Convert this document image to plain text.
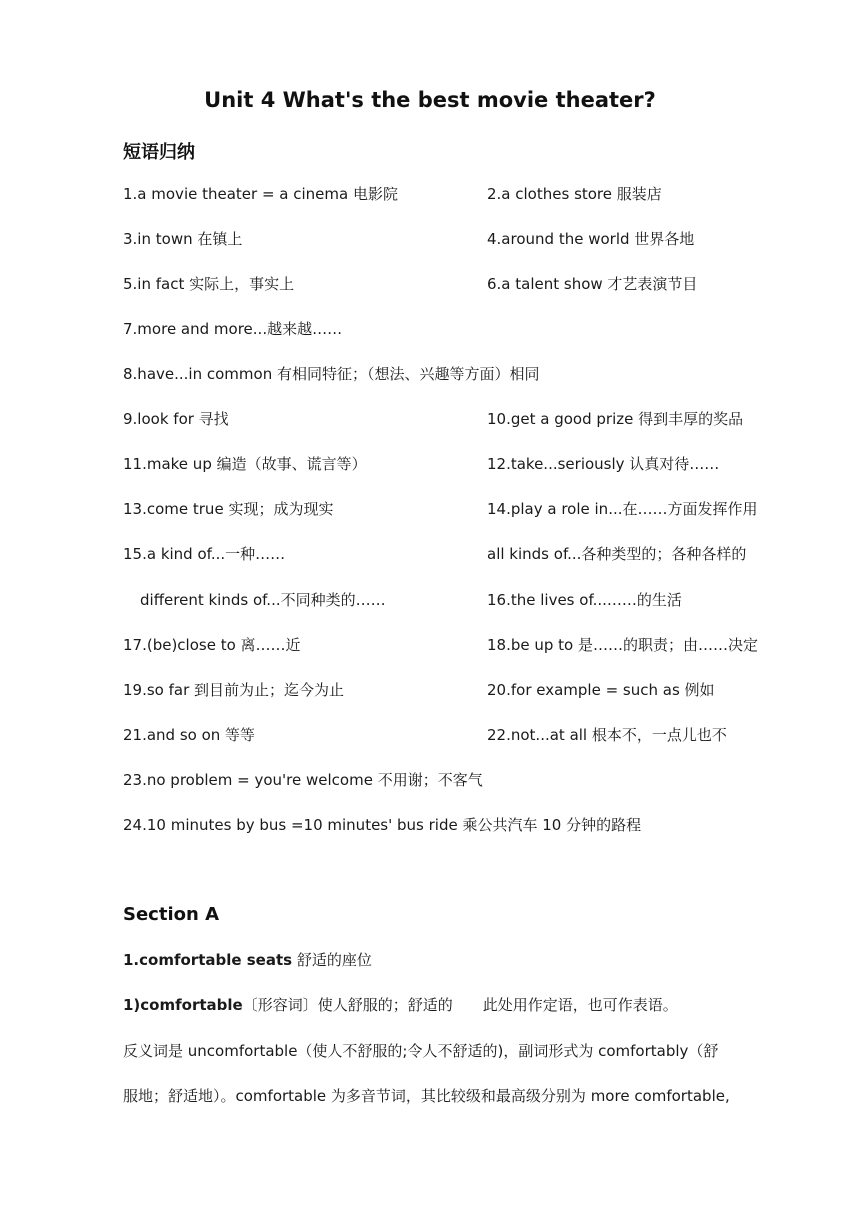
Unit 4 What's the best movie theater?
短语归纳
1.a movie theater = a cinema 电影院	2.a clothes store 服装店
3.in town 在镇上	4.around the world 世界各地
5.in fact 实际上，事实上	6.a talent show 才艺表演节目
7.more and more...越来越……
8.have...in common 有相同特征；（想法、兴趣等方面）相同
9.look for 寻找	10.get a good prize 得到丰厚的奖品
11.make up 编造（故事、谎言等）	12.take...seriously 认真对待……
13.come true 实现；成为现实	14.play a role in...在……方面发挥作用
15.a kind of...一种……	all kinds of...各种类型的；各种各样的
different kinds of...不同种类的……	16.the lives of...……的生活
17.(be)close to 离……近	18.be up to 是……的职责；由……决定
19.so far 到目前为止；迄今为止	20.for example = such as 例如
21.and so on 等等	22.not...at all 根本不，一点儿也不
23.no problem = you're welcome 不用谢；不客气
24.10 minutes by bus =10 minutes' bus ride 乘公共汽车 10 分钟的路程
Section A
1.comfortable seats 舒适的座位
1)comfortable〔形容词〕使人舒服的；舒适的　　此处用作定语，也可作表语。
反义词是 uncomfortable（使人不舒服的;令人不舒适的)，副词形式为 comfortably（舒
服地；舒适地）。comfortable 为多音节词，其比较级和最高级分别为 more comfortable,
